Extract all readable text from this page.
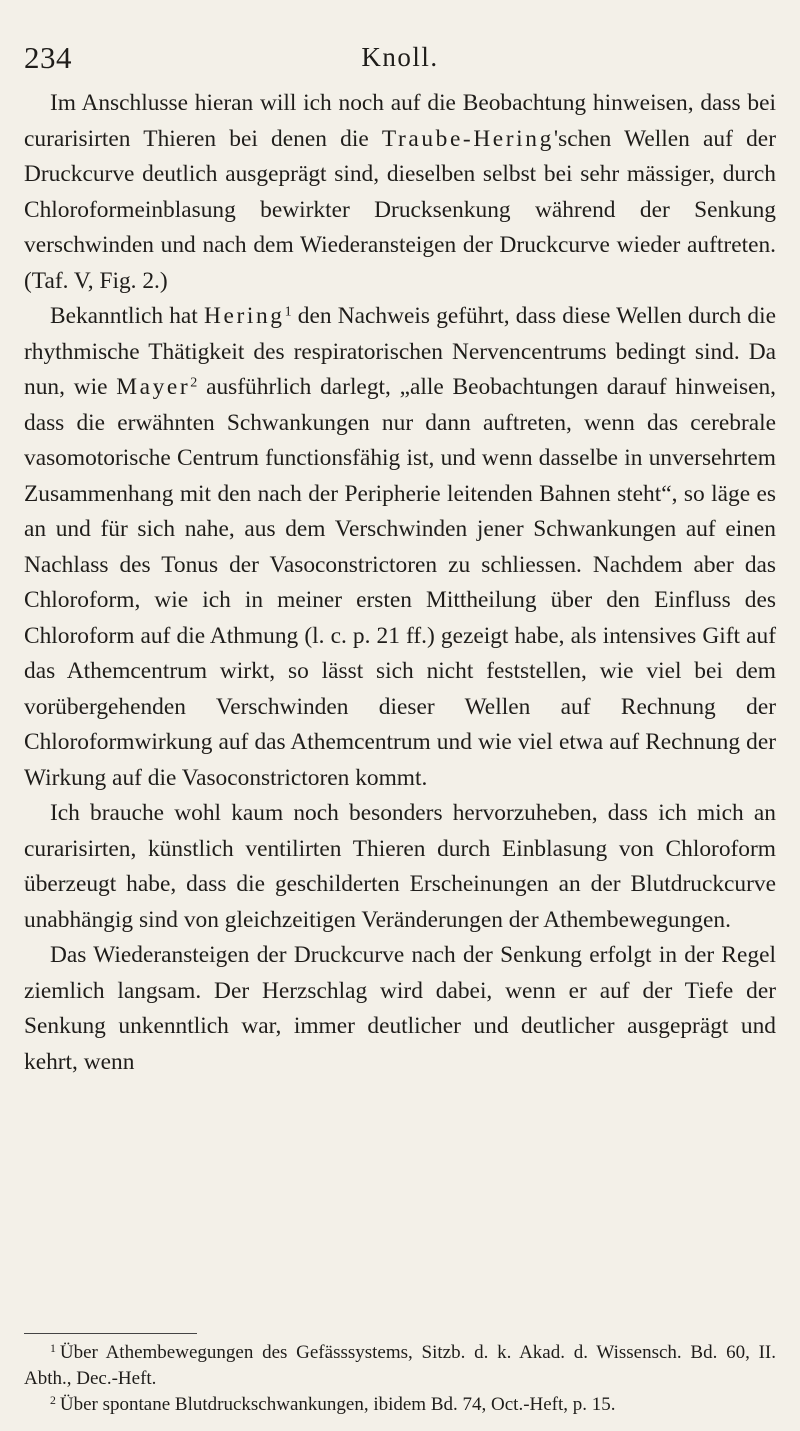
234	Knoll.

Im Anschlusse hieran will ich noch auf die Beobachtung hinweisen, dass bei curarisirten Thieren bei denen die Traube-Hering'schen Wellen auf der Druckcurve deutlich ausgeprägt sind, dieselben selbst bei sehr mässiger, durch Chloroformeinblasung bewirkter Drucksenkung während der Senkung verschwinden und nach dem Wiederansteigen der Druckcurve wieder auftreten. (Taf. V, Fig. 2.)

Bekanntlich hat Hering$^1$ den Nachweis geführt, dass diese Wellen durch die rhythmische Thätigkeit des respiratorischen Nervencentrums bedingt sind. Da nun, wie Mayer$^2$ ausführlich darlegt, „alle Beobachtungen darauf hinweisen, dass die erwähnten Schwankungen nur dann auftreten, wenn das cerebrale vasomotorische Centrum functionsfähig ist, und wenn dasselbe in unversehrtem Zusammenhang mit den nach der Peripherie leitenden Bahnen steht“, so läge es an und für sich nahe, aus dem Verschwinden jener Schwankungen auf einen Nachlass des Tonus der Vasoconstrictoren zu schliessen. Nachdem aber das Chloroform, wie ich in meiner ersten Mittheilung über den Einfluss des Chloroform auf die Athmung (l. c. p. 21 ff.) gezeigt habe, als intensives Gift auf das Athemcentrum wirkt, so lässt sich nicht feststellen, wie viel bei dem vorübergehenden Verschwinden dieser Wellen auf Rechnung der Chloroformwirkung auf das Athemcentrum und wie viel etwa auf Rechnung der Wirkung auf die Vasoconstrictoren kommt.

Ich brauche wohl kaum noch besonders hervorzuheben, dass ich mich an curarisirten, künstlich ventilirten Thieren durch Einblasung von Chloroform überzeugt habe, dass die geschilderten Erscheinungen an der Blutdruckcurve unabhängig sind von gleichzeitigen Veränderungen der Athembewegungen.

Das Wiederansteigen der Druckcurve nach der Senkung erfolgt in der Regel ziemlich langsam. Der Herzschlag wird dabei, wenn er auf der Tiefe der Senkung unkenntlich war, immer deutlicher und deutlicher ausgeprägt und kehrt, wenn

$^1$ Über Athembewegungen des Gefässsystems, Sitzb. d. k. Akad. d. Wissensch. Bd. 60, II. Abth., Dec.-Heft.

$^2$ Über spontane Blutdruckschwankungen, ibidem Bd. 74, Oct.-Heft, p. 15.
